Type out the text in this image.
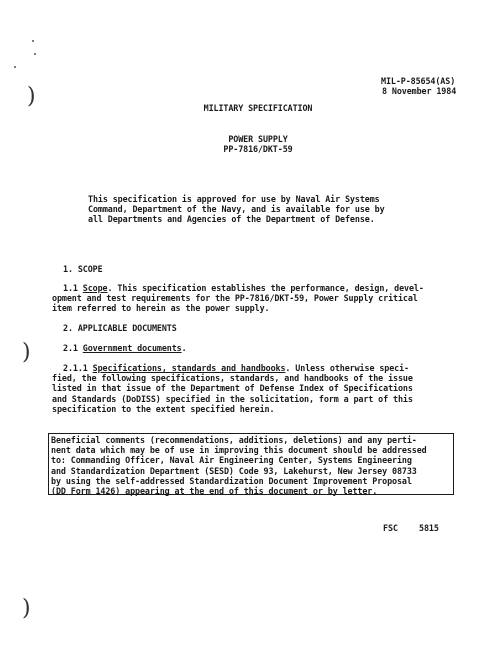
)
)
)
MIL-P-85654(AS)
8 November 1984
MILITARY SPECIFICATION
POWER SUPPLY
PP-7816/DKT-59
This specification is approved for use by Naval Air Systems
Command, Department of the Navy, and is available for use by
all Departments and Agencies of the Department of Defense.
1. SCOPE
1.1 Scope. This specification establishes the performance, design, devel-
opment and test requirements for the PP-7816/DKT-59, Power Supply critical
item referred to herein as the power supply.
2. APPLICABLE DOCUMENTS
2.1 Government documents.
2.1.1 Specifications, standards and handbooks. Unless otherwise speci-
fied, the following specifications, standards, and handbooks of the issue
listed in that issue of the Department of Defense Index of Specifications
and Standards (DoDISS) specified in the solicitation, form a part of this
specification to the extent specified herein.
Beneficial comments (recommendations, additions, deletions) and any perti-
nent data which may be of use in improving this document should be addressed
to: Commanding Officer, Naval Air Engineering Center, Systems Engineering
and Standardization Department (SESD) Code 93, Lakehurst, New Jersey 08733
by using the self-addressed Standardization Document Improvement Proposal
(DD Form 1426) appearing at the end of this document or by letter.
FSC	5815
